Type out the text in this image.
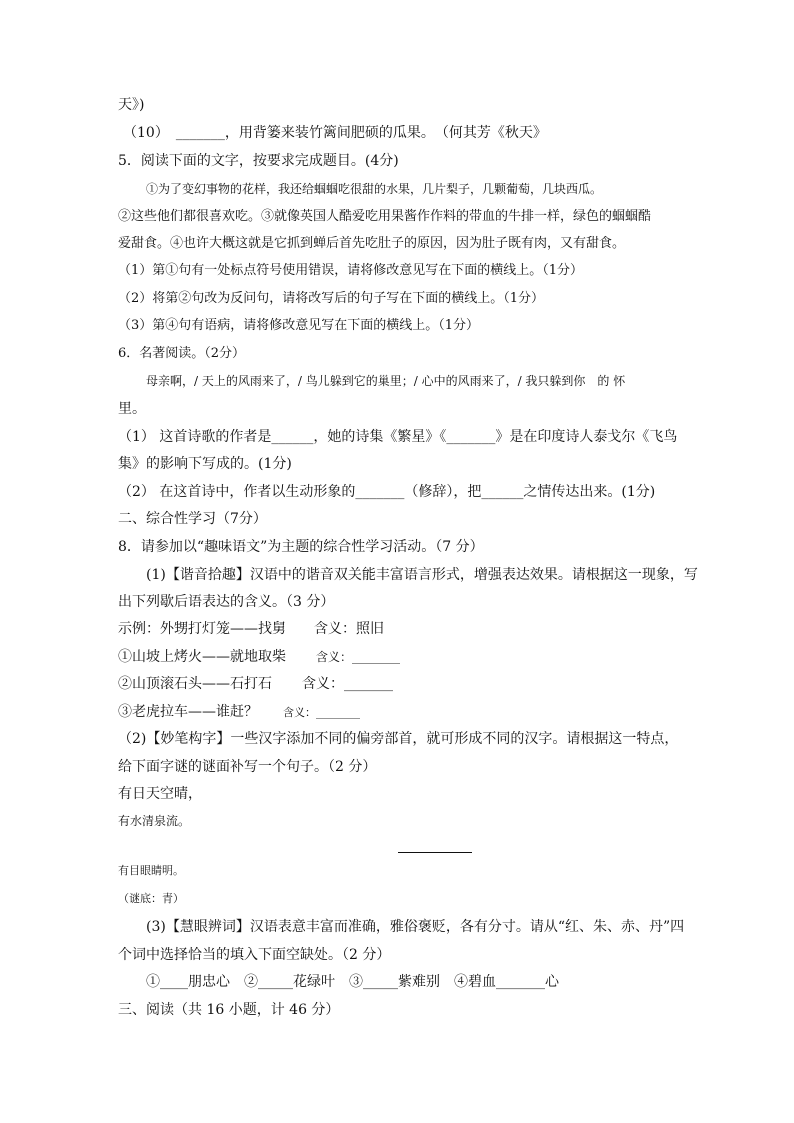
天》)
（10）　_______，用背篓来装竹篱间肥硕的瓜果。　（何其芳《秋天》
5．阅读下面的文字，按要求完成题目。(4分)
①为了变幻事物的花样，我还给蝈蝈吃很甜的水果，几片梨子，几颗葡萄，几块西瓜。
②这些他们都很喜欢吃。③就像英国人酷爱吃用果酱作作料的带血的牛排一样，绿色的蝈蝈酷
爱甜食。④也许大概这就是它抓到蝉后首先吃肚子的原因，因为肚子既有肉，又有甜食。
（1）第①句有一处标点符号使用错误，请将修改意见写在下面的横线上。（1分）
（2）将第②句改为反问句，请将改写后的句子写在下面的横线上。（1分）
（3）第④句有语病，请将修改意见写在下面的横线上。（1分）
6．名著阅读。（2分）
母亲啊，/ 天上的风雨来了，/ 鸟儿躲到它的巢里；/ 心中的风雨来了，/ 我只躲到你　的 怀
里。
（1） 这首诗歌的作者是______，她的诗集《繁星》《_______》是在印度诗人泰戈尔《飞鸟
集》的影响下写成的。(1分)
（2） 在这首诗中，作者以生动形象的_______（修辞），把______之情传达出来。(1分)
二、综合性学习（7分）
8．请参加以“趣味语文”为主题的综合性学习活动。（7 分）
(1)【谐音拾趣】汉语中的谐音双关能丰富语言形式，增强表达效果。请根据这一现象，写
出下列歇后语表达的含义。（3 分）
示例：外甥打灯笼——找舅　　含义：照旧
①山坡上烤火——就地取柴	含义：________
②山顶滚石头——石打石 含义：_______
③老虎拉车——谁赶？ 含义：________
（2)【妙笔构字】一些汉字添加不同的偏旁部首，就可形成不同的汉字。请根据这一特点，
给下面字谜的谜面补写一个句子。（2 分）
有日天空晴，
有水清泉流。
有目眼睛明。
（谜底：青）
(3)【慧眼辨词】汉语表意丰富而准确，雅俗褒贬，各有分寸。请从“红、朱、赤、丹”四
个词中选择恰当的填入下面空缺处。（2 分）
①____朋忠心　②_____花绿叶　③_____紫难别　④碧血_______心
三、阅读（共 16 小题，计 46 分）
